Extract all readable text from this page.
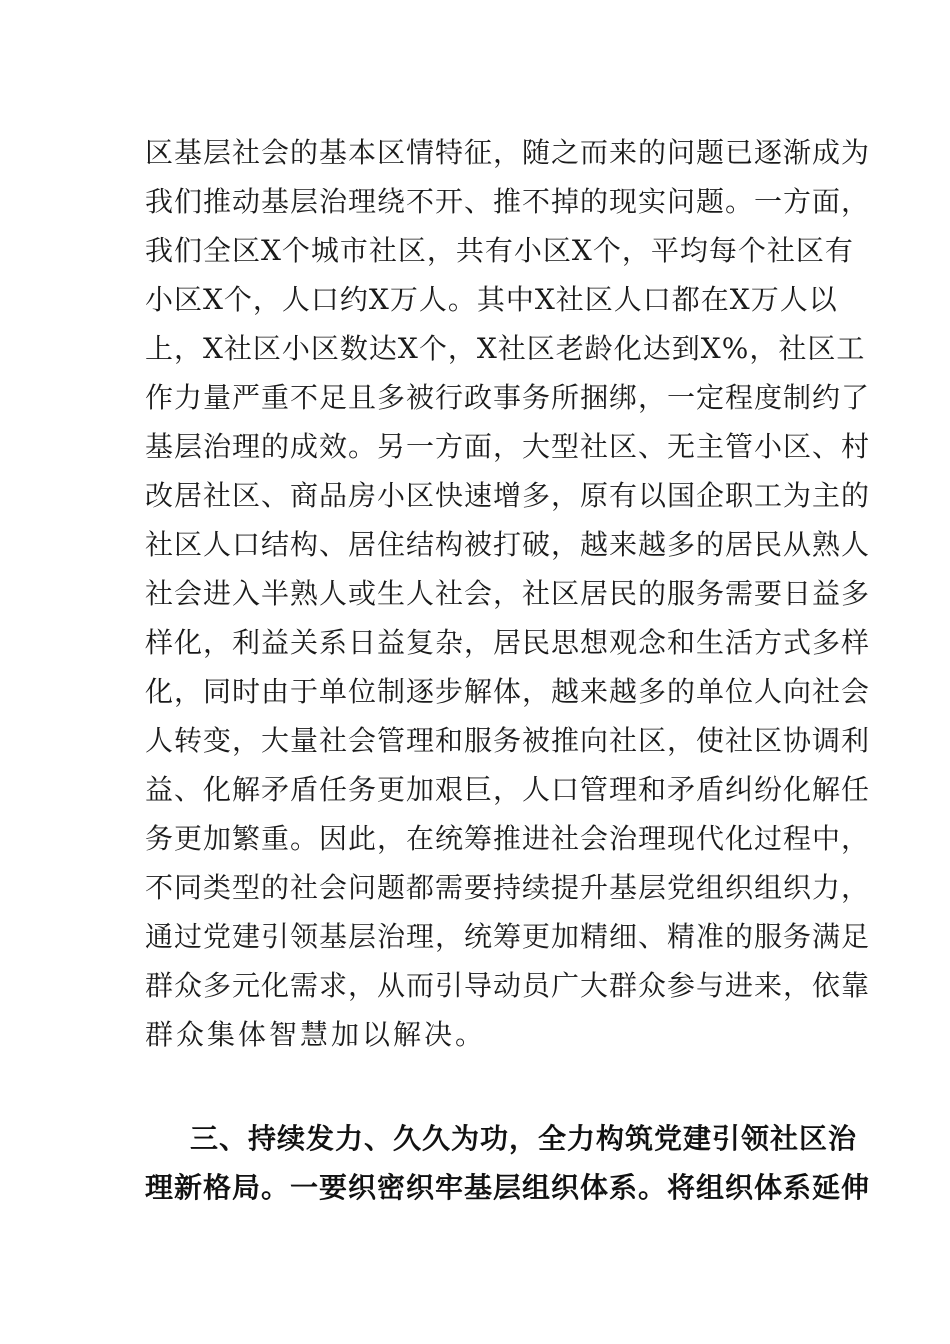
区基层社会的基本区情特征，随之而来的问题已逐渐成为
我们推动基层治理绕不开、推不掉的现实问题。一方面，
我们全区X个城市社区，共有小区X个，平均每个社区有
小区X个，人口约X万人。其中X社区人口都在X万人以
上，X社区小区数达X个，X社区老龄化达到X%，社区工
作力量严重不足且多被行政事务所捆绑，一定程度制约了
基层治理的成效。另一方面，大型社区、无主管小区、村
改居社区、商品房小区快速增多，原有以国企职工为主的
社区人口结构、居住结构被打破，越来越多的居民从熟人
社会进入半熟人或生人社会，社区居民的服务需要日益多
样化，利益关系日益复杂，居民思想观念和生活方式多样
化，同时由于单位制逐步解体，越来越多的单位人向社会
人转变，大量社会管理和服务被推向社区，使社区协调利
益、化解矛盾任务更加艰巨，人口管理和矛盾纠纷化解任
务更加繁重。因此，在统筹推进社会治理现代化过程中，
不同类型的社会问题都需要持续提升基层党组织组织力，
通过党建引领基层治理，统筹更加精细、精准的服务满足
群众多元化需求，从而引导动员广大群众参与进来，依靠
群众集体智慧加以解决。
三、持续发力、久久为功，全力构筑党建引领社区治
理新格局。一要织密织牢基层组织体系。将组织体系延伸
